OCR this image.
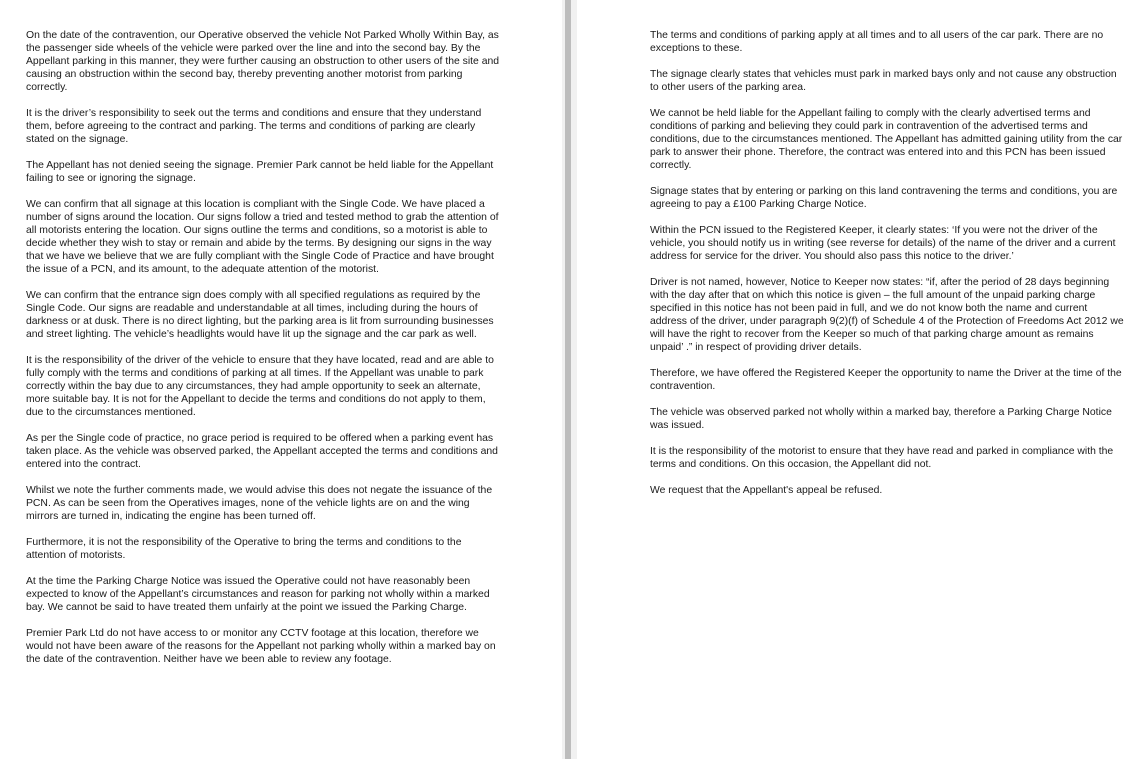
On the date of the contravention, our Operative observed the vehicle Not Parked Wholly Within Bay, as the passenger side wheels of the vehicle were parked over the line and into the second bay. By the Appellant parking in this manner, they were further causing an obstruction to other users of the site and causing an obstruction within the second bay, thereby preventing another motorist from parking correctly.

It is the driver’s responsibility to seek out the terms and conditions and ensure that they understand them, before agreeing to the contract and parking. The terms and conditions of parking are clearly stated on the signage.

The Appellant has not denied seeing the signage. Premier Park cannot be held liable for the Appellant failing to see or ignoring the signage.

We can confirm that all signage at this location is compliant with the Single Code. We have placed a number of signs around the location. Our signs follow a tried and tested method to grab the attention of all motorists entering the location. Our signs outline the terms and conditions, so a motorist is able to decide whether they wish to stay or remain and abide by the terms. By designing our signs in the way that we have we believe that we are fully compliant with the Single Code of Practice and have brought the issue of a PCN, and its amount, to the adequate attention of the motorist.

We can confirm that the entrance sign does comply with all specified regulations as required by the Single Code. Our signs are readable and understandable at all times, including during the hours of darkness or at dusk. There is no direct lighting, but the parking area is lit from surrounding businesses and street lighting. The vehicle’s headlights would have lit up the signage and the car park as well.

It is the responsibility of the driver of the vehicle to ensure that they have located, read and are able to fully comply with the terms and conditions of parking at all times. If the Appellant was unable to park correctly within the bay due to any circumstances, they had ample opportunity to seek an alternate, more suitable bay. It is not for the Appellant to decide the terms and conditions do not apply to them, due to the circumstances mentioned.

As per the Single code of practice, no grace period is required to be offered when a parking event has taken place. As the vehicle was observed parked, the Appellant accepted the terms and conditions and entered into the contract.

Whilst we note the further comments made, we would advise this does not negate the issuance of the PCN. As can be seen from the Operatives images, none of the vehicle lights are on and the wing mirrors are turned in, indicating the engine has been turned off.

Furthermore, it is not the responsibility of the Operative to bring the terms and conditions to the attention of motorists.

At the time the Parking Charge Notice was issued the Operative could not have reasonably been expected to know of the Appellant’s circumstances and reason for parking not wholly within a marked bay. We cannot be said to have treated them unfairly at the point we issued the Parking Charge.

Premier Park Ltd do not have access to or monitor any CCTV footage at this location, therefore we would not have been aware of the reasons for the Appellant not parking wholly within a marked bay on the date of the contravention. Neither have we been able to review any footage.

The terms and conditions of parking apply at all times and to all users of the car park. There are no exceptions to these.

The signage clearly states that vehicles must park in marked bays only and not cause any obstruction to other users of the parking area.

We cannot be held liable for the Appellant failing to comply with the clearly advertised terms and conditions of parking and believing they could park in contravention of the advertised terms and conditions, due to the circumstances mentioned. The Appellant has admitted gaining utility from the car park to answer their phone. Therefore, the contract was entered into and this PCN has been issued correctly.

Signage states that by entering or parking on this land contravening the terms and conditions, you are agreeing to pay a £100 Parking Charge Notice.

Within the PCN issued to the Registered Keeper, it clearly states: ‘If you were not the driver of the vehicle, you should notify us in writing (see reverse for details) of the name of the driver and a current address for service for the driver. You should also pass this notice to the driver.’

Driver is not named, however, Notice to Keeper now states: “if, after the period of 28 days beginning with the day after that on which this notice is given – the full amount of the unpaid parking charge specified in this notice has not been paid in full, and we do not know both the name and current address of the driver, under paragraph 9(2)(f) of Schedule 4 of the Protection of Freedoms Act 2012 we will have the right to recover from the Keeper so much of that parking charge amount as remains unpaid’ .” in respect of providing driver details.

Therefore, we have offered the Registered Keeper the opportunity to name the Driver at the time of the contravention.

The vehicle was observed parked not wholly within a marked bay, therefore a Parking Charge Notice was issued.

It is the responsibility of the motorist to ensure that they have read and parked in compliance with the terms and conditions. On this occasion, the Appellant did not.

We request that the Appellant's appeal be refused.
